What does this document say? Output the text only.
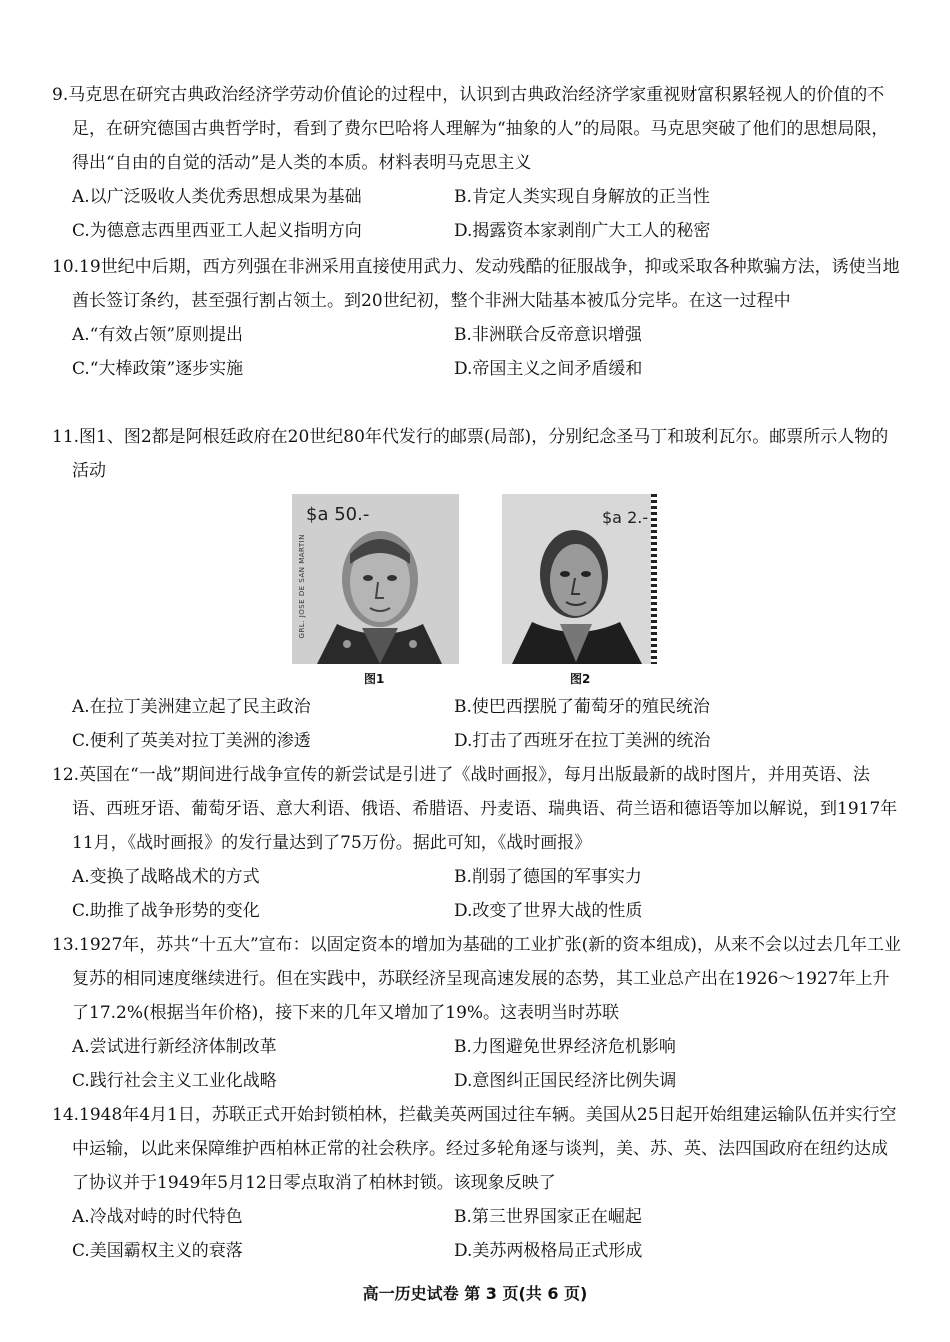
9.马克思在研究古典政治经济学劳动价值论的过程中，认识到古典政治经济学家重视财富积累轻视人的价值的不足，在研究德国古典哲学时，看到了费尔巴哈将人理解为“抽象的人”的局限。马克思突破了他们的思想局限，得出“自由的自觉的活动”是人类的本质。材料表明马克思主义

A.以广泛吸收人类优秀思想成果为基础	B.肯定人类实现自身解放的正当性
C.为德意志西里西亚工人起义指明方向	D.揭露资本家剥削广大工人的秘密

10.19世纪中后期，西方列强在非洲采用直接使用武力、发动残酷的征服战争，抑或采取各种欺骗方法，诱使当地酋长签订条约，甚至强行割占领土。到20世纪初，整个非洲大陆基本被瓜分完毕。在这一过程中

A.“有效占领”原则提出	B.非洲联合反帝意识增强
C.“大棒政策”逐步实施	D.帝国主义之间矛盾缓和

11.图1、图2都是阿根廷政府在20世纪80年代发行的邮票(局部)，分别纪念圣马丁和玻利瓦尔。邮票所示人物的活动

$a 50.-
GRL. JOSE DE SAN MARTIN
图1
$a 2.-
图2
A.在拉丁美洲建立起了民主政治	B.使巴西摆脱了葡萄牙的殖民统治
C.便利了英美对拉丁美洲的渗透	D.打击了西班牙在拉丁美洲的统治

12.英国在“一战”期间进行战争宣传的新尝试是引进了《战时画报》，每月出版最新的战时图片，并用英语、法语、西班牙语、葡萄牙语、意大利语、俄语、希腊语、丹麦语、瑞典语、荷兰语和德语等加以解说，到1917年11月，《战时画报》的发行量达到了75万份。据此可知，《战时画报》

A.变换了战略战术的方式	B.削弱了德国的军事实力
C.助推了战争形势的变化	D.改变了世界大战的性质

13.1927年，苏共“十五大”宣布：以固定资本的增加为基础的工业扩张(新的资本组成)，从来不会以过去几年工业复苏的相同速度继续进行。但在实践中，苏联经济呈现高速发展的态势，其工业总产出在1926～1927年上升了17.2%(根据当年价格)，接下来的几年又增加了19%。这表明当时苏联

A.尝试进行新经济体制改革	B.力图避免世界经济危机影响
C.践行社会主义工业化战略	D.意图纠正国民经济比例失调

14.1948年4月1日，苏联正式开始封锁柏林，拦截美英两国过往车辆。美国从25日起开始组建运输队伍并实行空中运输，以此来保障维护西柏林正常的社会秩序。经过多轮角逐与谈判，美、苏、英、法四国政府在纽约达成了协议并于1949年5月12日零点取消了柏林封锁。该现象反映了

A.冷战对峙的时代特色	B.第三世界国家正在崛起
C.美国霸权主义的衰落	D.美苏两极格局正式形成
高一历史试卷 第 3 页(共 6 页)
